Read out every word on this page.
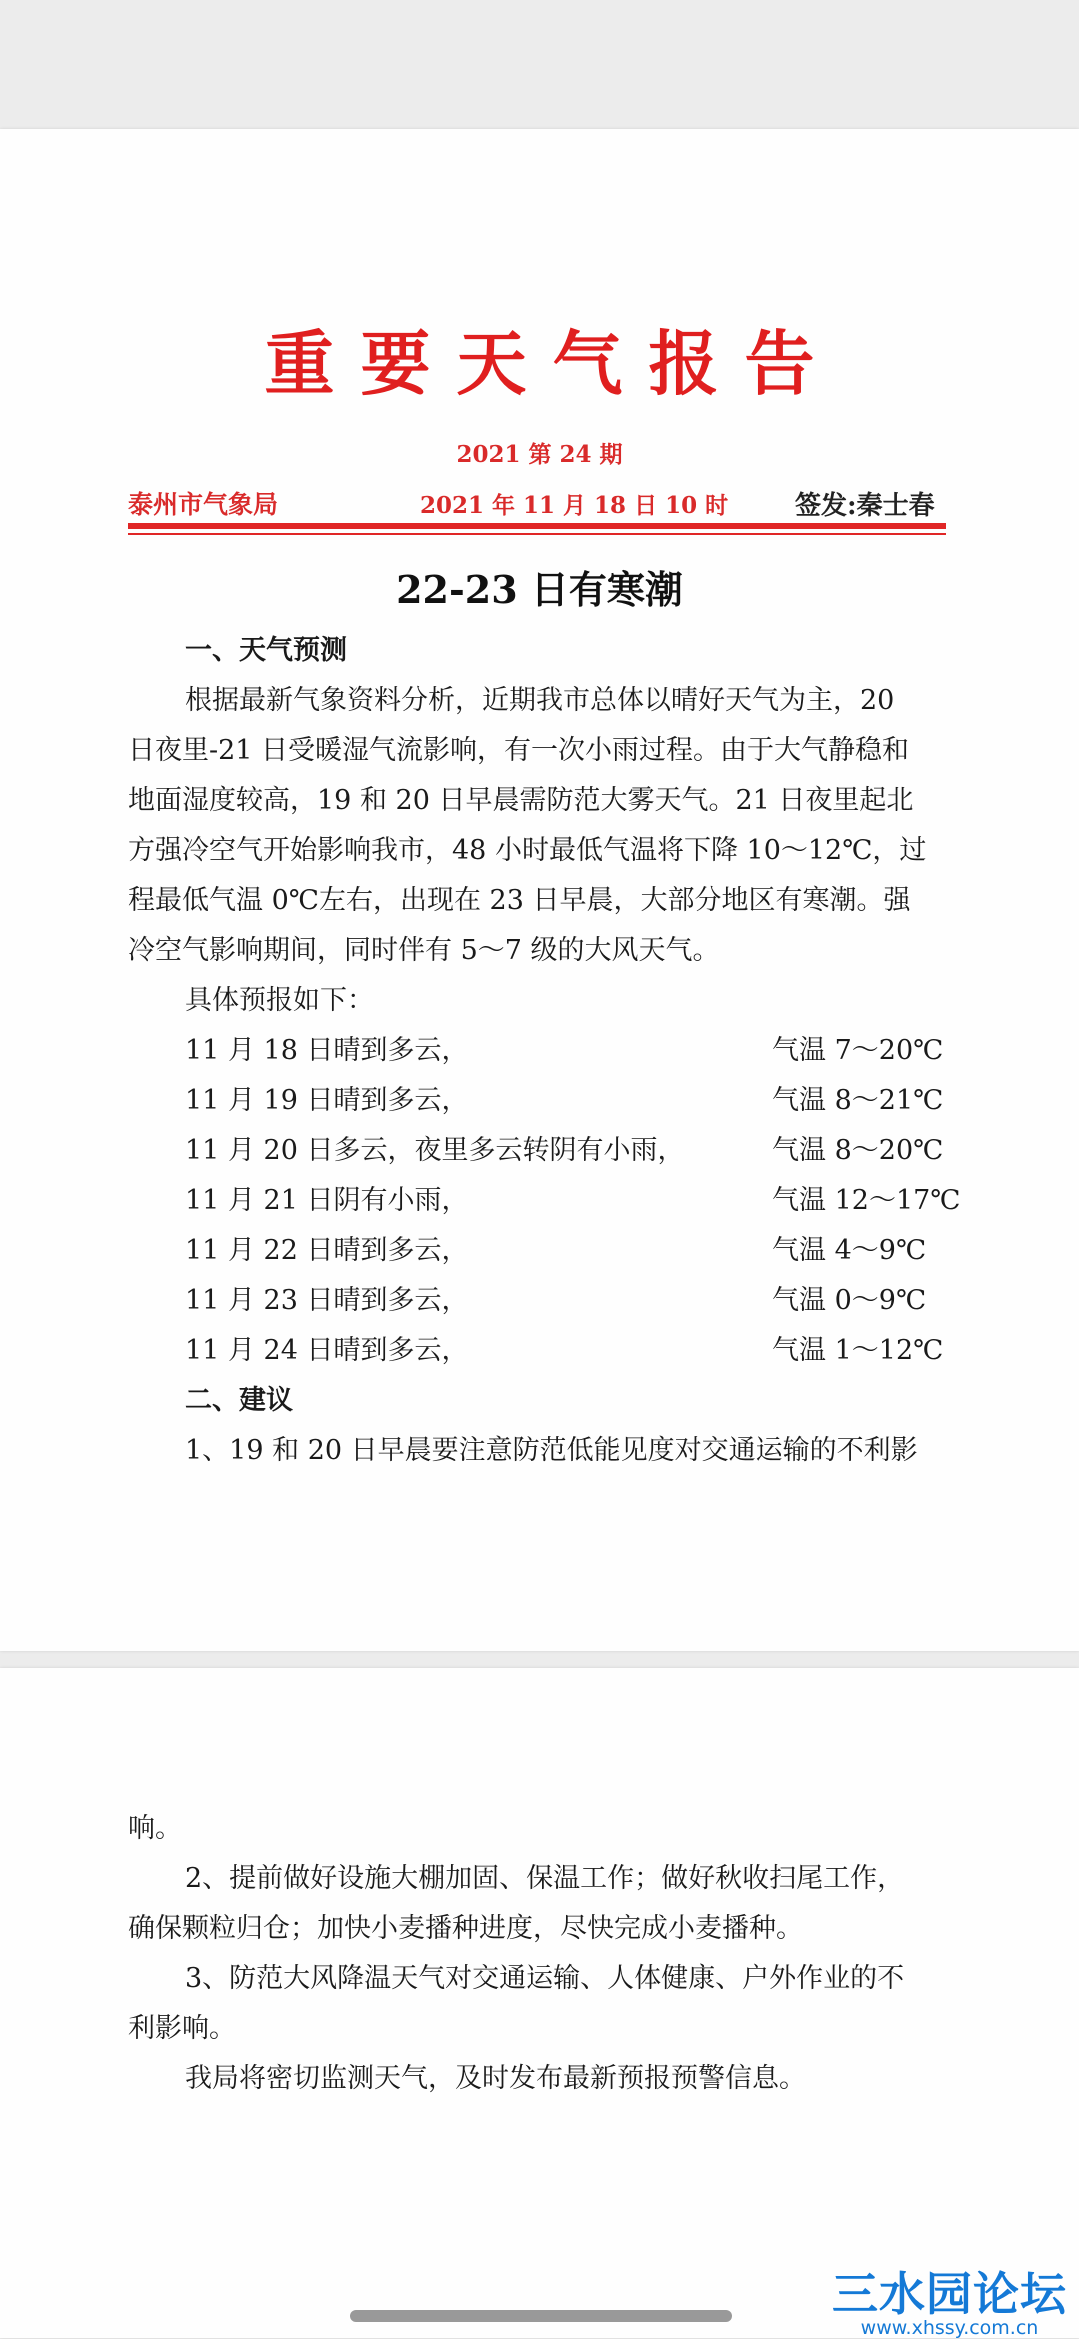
重要天气报告
2021 第 24 期
泰州市气象局	2021 年 11 月 18 日 10 时	签发:秦士春
22-23 日有寒潮
一、天气预测
根据最新气象资料分析，近期我市总体以晴好天气为主，20
日夜里-21 日受暖湿气流影响，有一次小雨过程。由于大气静稳和
地面湿度较高，19 和 20 日早晨需防范大雾天气。21 日夜里起北
方强冷空气开始影响我市，48 小时最低气温将下降 10～12℃，过
程最低气温 0℃左右，出现在 23 日早晨，大部分地区有寒潮。强
冷空气影响期间，同时伴有 5～7 级的大风天气。
具体预报如下：
11 月 18 日晴到多云，	气温 7～20℃
11 月 19 日晴到多云，	气温 8～21℃
11 月 20 日多云，夜里多云转阴有小雨，	气温 8～20℃
11 月 21 日阴有小雨，	气温 12～17℃
11 月 22 日晴到多云，	气温 4～9℃
11 月 23 日晴到多云，	气温 0～9℃
11 月 24 日晴到多云，	气温 1～12℃
二、建议
1、19 和 20 日早晨要注意防范低能见度对交通运输的不利影
响。
2、提前做好设施大棚加固、保温工作；做好秋收扫尾工作，
确保颗粒归仓；加快小麦播种进度，尽快完成小麦播种。
3、防范大风降温天气对交通运输、人体健康、户外作业的不
利影响。
我局将密切监测天气，及时发布最新预报预警信息。
三水园论坛
www.xhssy.com.cn
